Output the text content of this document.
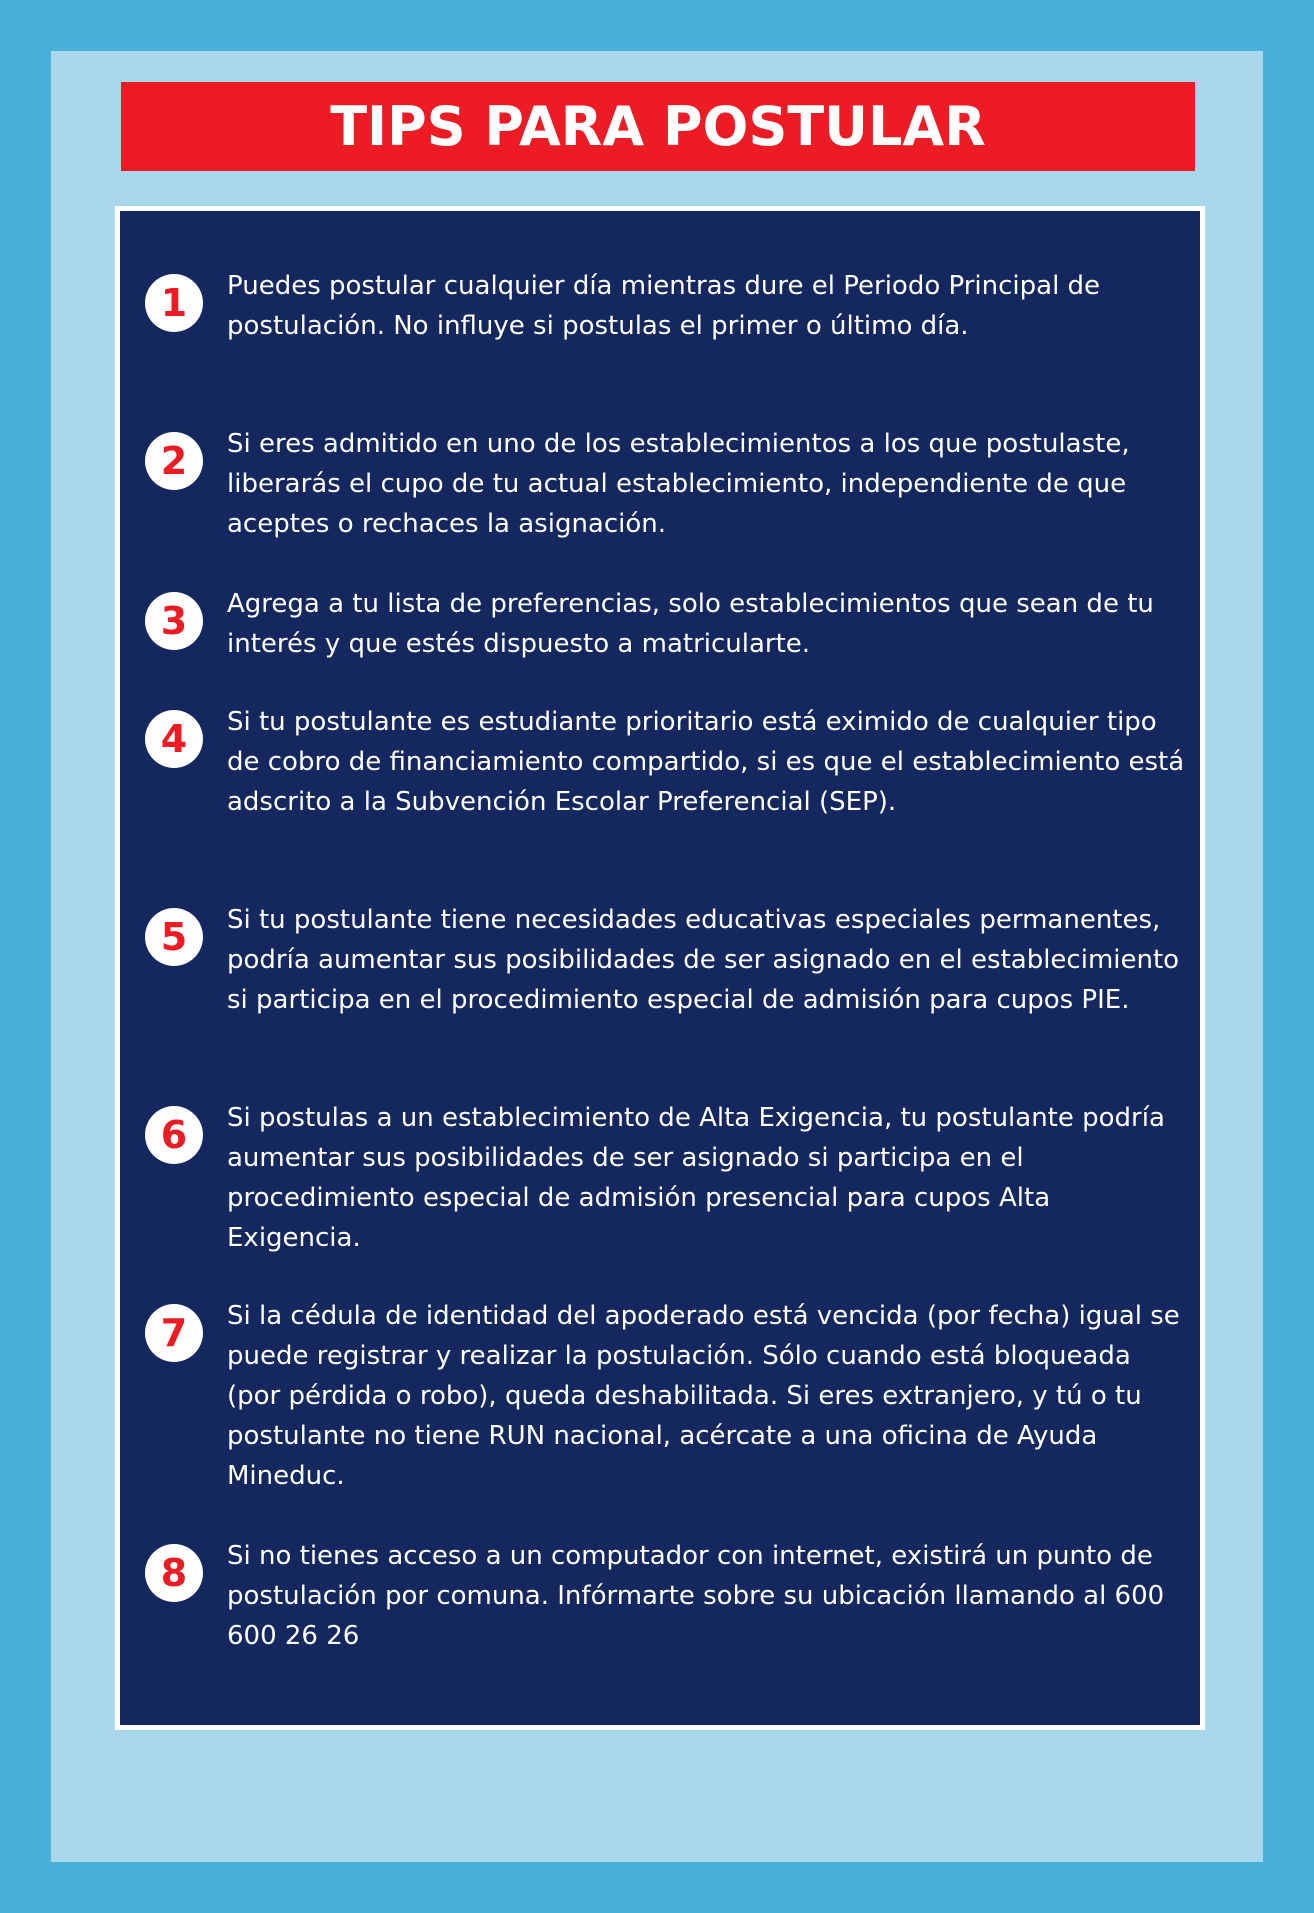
TIPS PARA POSTULAR
1 Puedes postular cualquier día mientras dure el Periodo Principal de postulación. No influye si postulas el primer o último día.

2 Si eres admitido en uno de los establecimientos a los que postulaste, liberarás el cupo de tu actual establecimiento, independiente de que aceptes o rechaces la asignación.

3 Agrega a tu lista de preferencias, solo establecimientos que sean de tu interés y que estés dispuesto a matricularte.

4 Si tu postulante es estudiante prioritario está eximido de cualquier tipo de cobro de financiamiento compartido, si es que el establecimiento está adscrito a la Subvención Escolar Preferencial (SEP).

5 Si tu postulante tiene necesidades educativas especiales permanentes, podría aumentar sus posibilidades de ser asignado en el establecimiento si participa en el procedimiento especial de admisión para cupos PIE.

6 Si postulas a un establecimiento de Alta Exigencia, tu postulante podría aumentar sus posibilidades de ser asignado si participa en el procedimiento especial de admisión presencial para cupos Alta Exigencia.

7 Si la cédula de identidad del apoderado está vencida (por fecha) igual se puede registrar y realizar la postulación. Sólo cuando está bloqueada (por pérdida o robo), queda deshabilitada. Si eres extranjero, y tú o tu postulante no tiene RUN nacional, acércate a una oficina de Ayuda Mineduc.

8 Si no tienes acceso a un computador con internet, existirá un punto de postulación por comuna. Infórmarte sobre su ubicación llamando al 600 600 26 26
